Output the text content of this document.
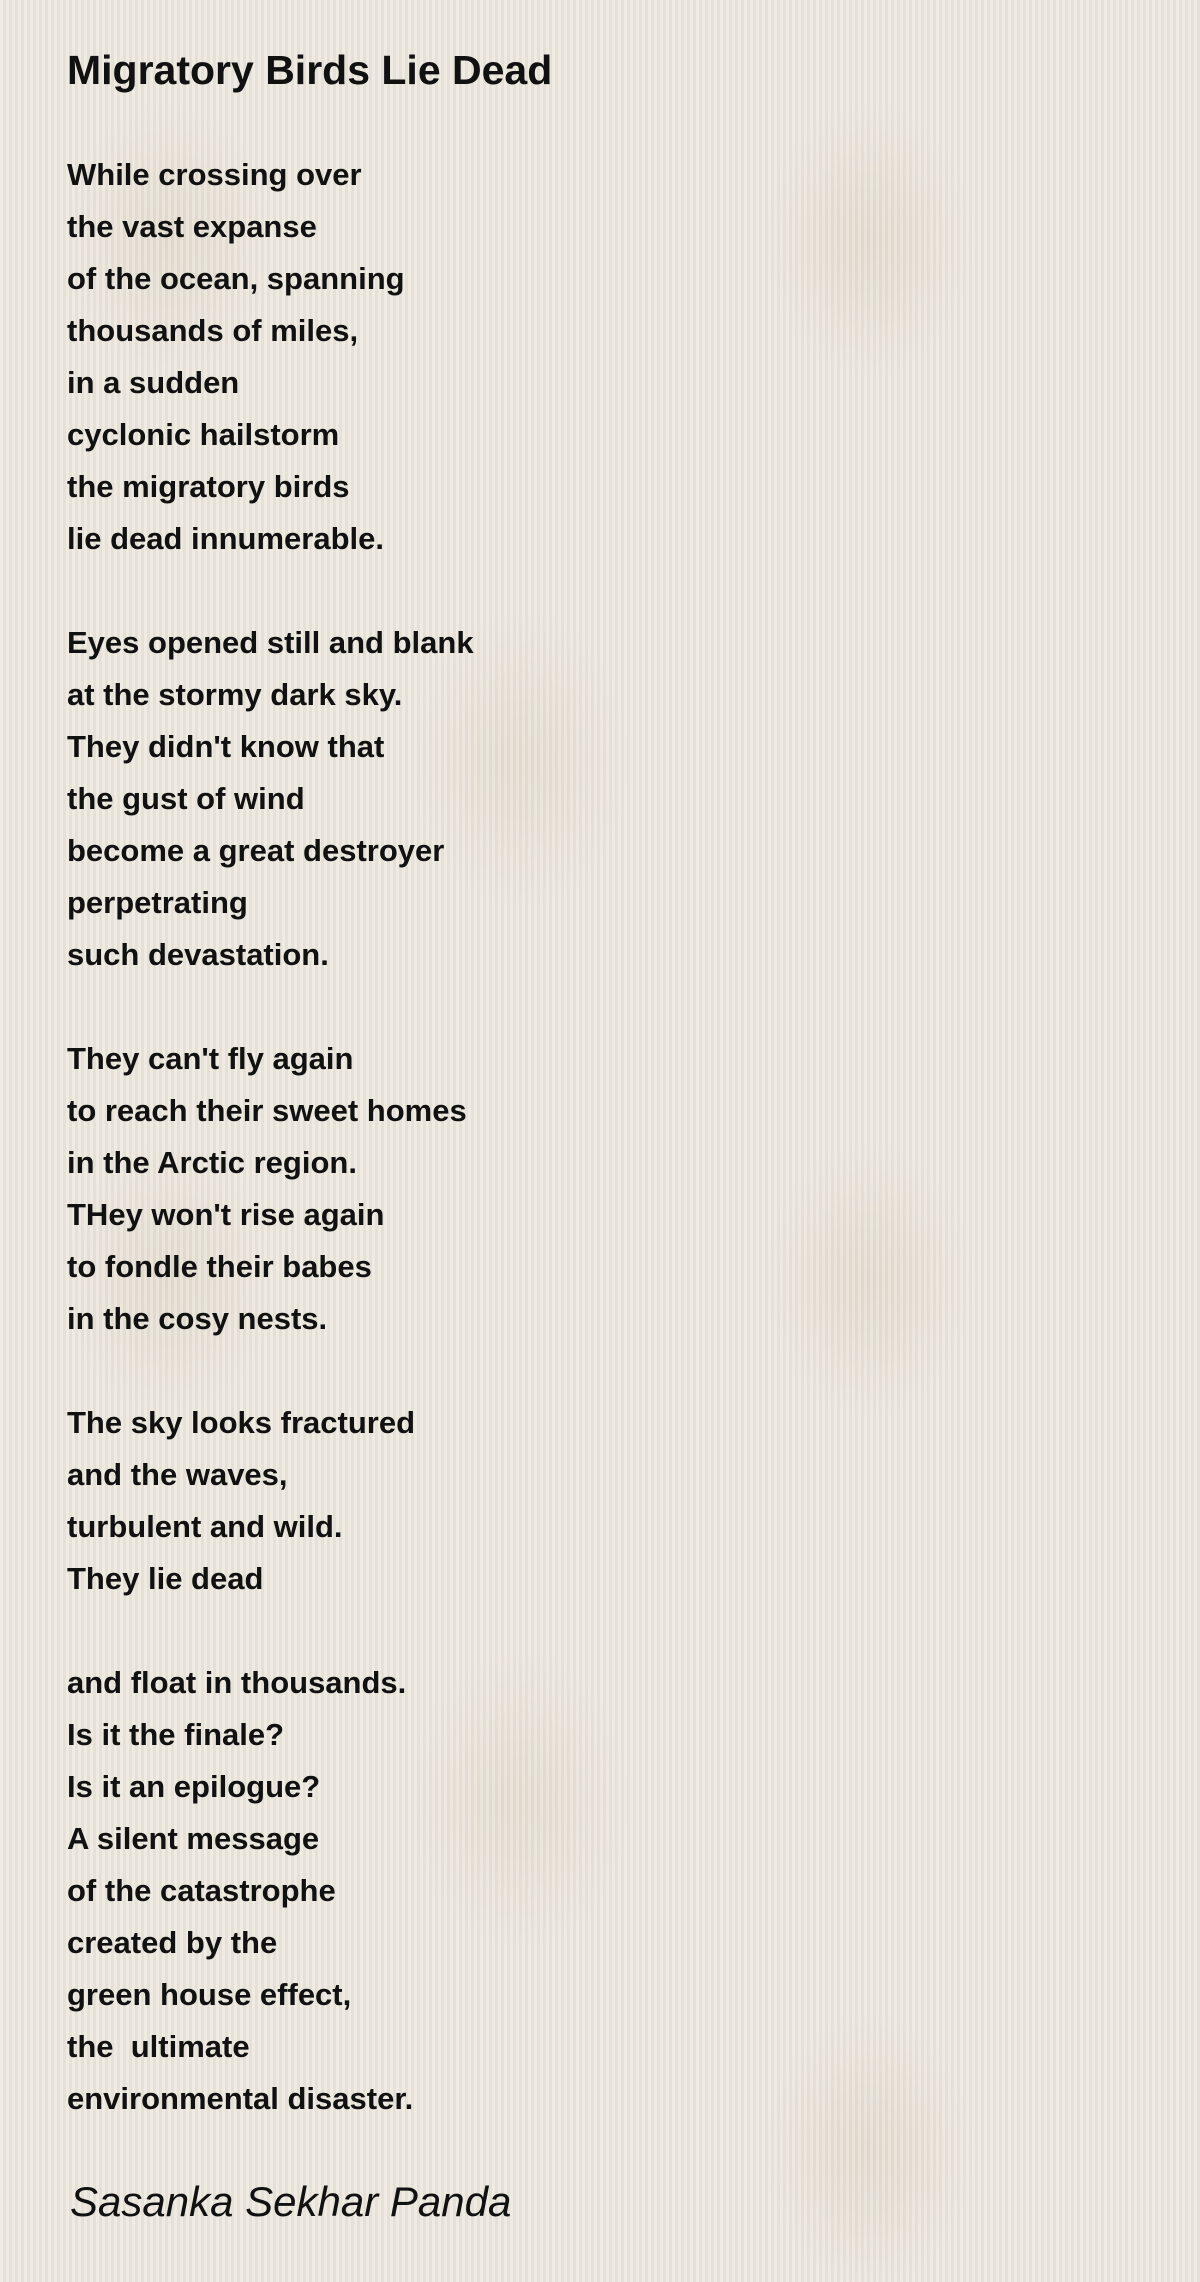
Migratory Birds Lie Dead
While crossing over
the vast expanse
of the ocean, spanning
thousands of miles,
in a sudden
cyclonic hailstorm
the migratory birds
lie dead innumerable.
Eyes opened still and blank
at the stormy dark sky.
They didn't know that
the gust of wind
become a great destroyer
perpetrating
such devastation.
They can't fly again
to reach their sweet homes
in the Arctic region.
THey won't rise again
to fondle their babes
in the cosy nests.
The sky looks fractured
and the waves,
turbulent and wild.
They lie dead
and float in thousands.
Is it the finale?
Is it an epilogue?
A silent message
of the catastrophe
created by the
green house effect,
the  ultimate
environmental disaster.
Sasanka Sekhar Panda
